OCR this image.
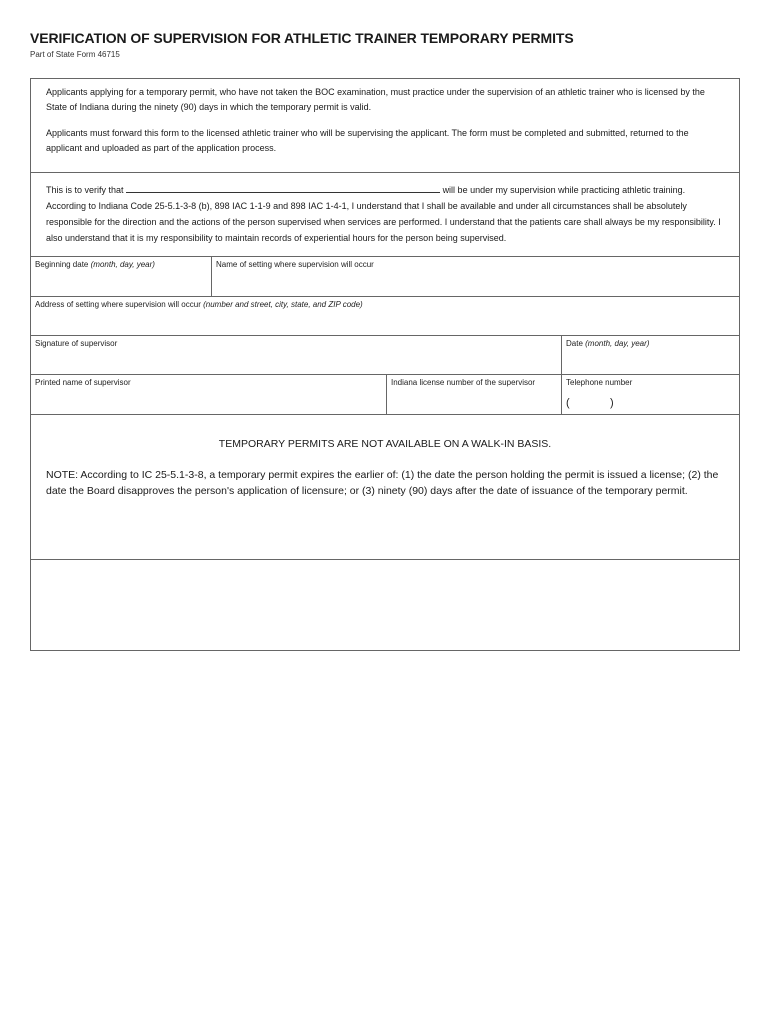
VERIFICATION OF SUPERVISION FOR ATHLETIC TRAINER TEMPORARY PERMITS
Part of State Form 46715

Applicants applying for a temporary permit, who have not taken the BOC examination, must practice under the supervision of an athletic trainer who is licensed by the State of Indiana during the ninety (90) days in which the temporary permit is valid.

Applicants must forward this form to the licensed athletic trainer who will be supervising the applicant. The form must be completed and submitted, returned to the applicant and uploaded as part of the application process.

This is to verify that	will be under my supervision while practicing athletic training. According to Indiana Code 25-5.1-3-8 (b), 898 IAC 1-1-9 and 898 IAC 1-4-1, I understand that I shall be available and under all circumstances shall be absolutely responsible for the direction and the actions of the person supervised when services are performed. I understand that the patients care shall always be my responsibility. I also understand that it is my responsibility to maintain records of experiential hours for the person being supervised.

Beginning date (month, day, year)	Name of setting where supervision will occur
Address of setting where supervision will occur (number and street, city, state, and ZIP code)
Signature of supervisor	Date (month, day, year)
Printed name of supervisor	Indiana license number of the supervisor	Telephone number
(	)
TEMPORARY PERMITS ARE NOT AVAILABLE ON A WALK-IN BASIS.

NOTE: According to IC 25-5.1-3-8, a temporary permit expires the earlier of: (1) the date the person holding the permit is issued a license; (2) the date the Board disapproves the person's application of licensure; or (3) ninety (90) days after the date of issuance of the temporary permit.
